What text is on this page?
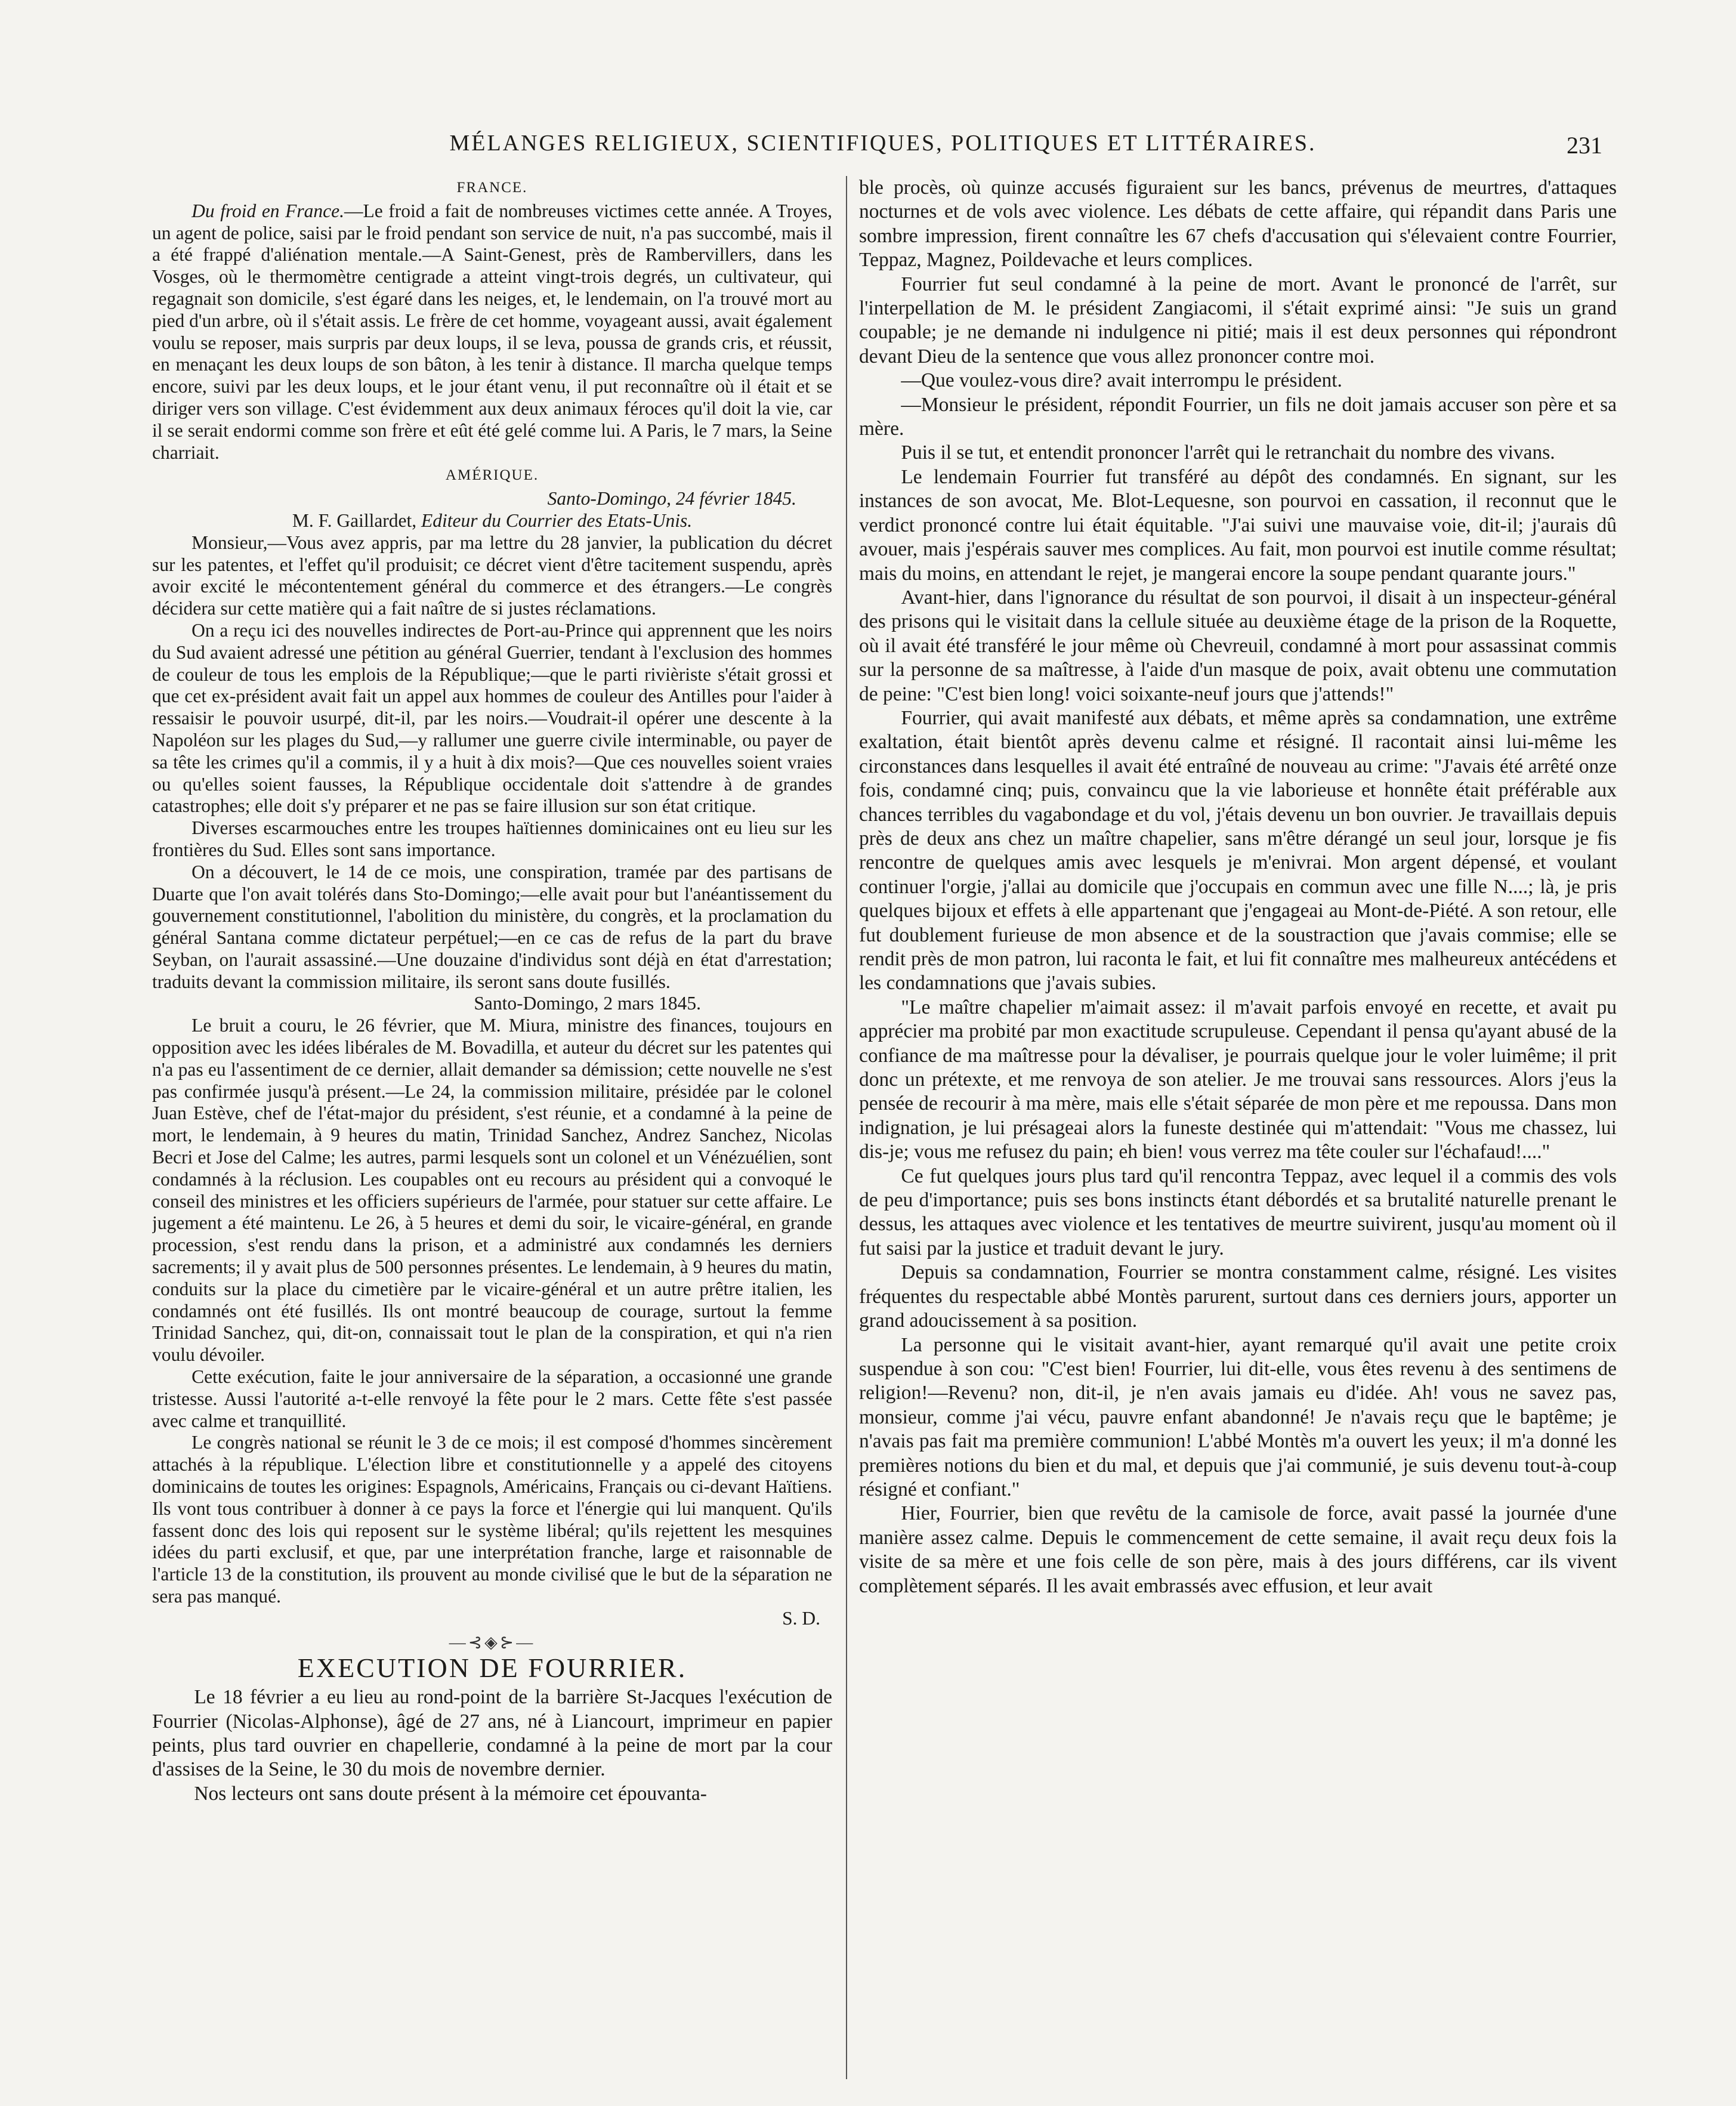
MÉLANGES RELIGIEUX, SCIENTIFIQUES, POLITIQUES ET LITTÉRAIRES.	231
FRANCE.

Du froid en France.—Le froid a fait de nombreuses victimes cette année. A Troyes, un agent de police, saisi par le froid pendant son service de nuit, n'a pas succombé, mais il a été frappé d'aliénation mentale.—A Saint-Genest, près de Rambervillers, dans les Vosges, où le thermomètre centigrade a atteint vingt-trois degrés, un cultivateur, qui regagnait son domicile, s'est égaré dans les neiges, et, le lendemain, on l'a trouvé mort au pied d'un arbre, où il s'était assis. Le frère de cet homme, voyageant aussi, avait également voulu se reposer, mais surpris par deux loups, il se leva, poussa de grands cris, et réussit, en menaçant les deux loups de son bâton, à les tenir à distance. Il marcha quelque temps encore, suivi par les deux loups, et le jour étant venu, il put reconnaître où il était et se diriger vers son village. C'est évidemment aux deux animaux féroces qu'il doit la vie, car il se serait endormi comme son frère et eût été gelé comme lui. A Paris, le 7 mars, la Seine charriait.

AMÉRIQUE.

Santo-Domingo, 24 février 1845.

M. F. Gaillardet, Editeur du Courrier des Etats-Unis.

Monsieur,—Vous avez appris, par ma lettre du 28 janvier, la publication du décret sur les patentes, et l'effet qu'il produisit; ce décret vient d'être tacitement suspendu, après avoir excité le mécontentement général du commerce et des étrangers.—Le congrès décidera sur cette matière qui a fait naître de si justes réclamations.

On a reçu ici des nouvelles indirectes de Port-au-Prince qui apprennent que les noirs du Sud avaient adressé une pétition au général Guerrier, tendant à l'exclusion des hommes de couleur de tous les emplois de la République;—que le parti rivièriste s'était grossi et que cet ex-président avait fait un appel aux hommes de couleur des Antilles pour l'aider à ressaisir le pouvoir usurpé, dit-il, par les noirs.—Voudrait-il opérer une descente à la Napoléon sur les plages du Sud,—y rallumer une guerre civile interminable, ou payer de sa tête les crimes qu'il a commis, il y a huit à dix mois?—Que ces nouvelles soient vraies ou qu'elles soient fausses, la République occidentale doit s'attendre à de grandes catastrophes; elle doit s'y préparer et ne pas se faire illusion sur son état critique.

Diverses escarmouches entre les troupes haïtiennes dominicaines ont eu lieu sur les frontières du Sud. Elles sont sans importance.

On a découvert, le 14 de ce mois, une conspiration, tramée par des partisans de Duarte que l'on avait tolérés dans Sto-Domingo;—elle avait pour but l'anéantissement du gouvernement constitutionnel, l'abolition du ministère, du congrès, et la proclamation du général Santana comme dictateur perpétuel;—en ce cas de refus de la part du brave Seyban, on l'aurait assassiné.—Une douzaine d'individus sont déjà en état d'arrestation; traduits devant la commission militaire, ils seront sans doute fusillés.

Santo-Domingo, 2 mars 1845.

Le bruit a couru, le 26 février, que M. Miura, ministre des finances, toujours en opposition avec les idées libérales de M. Bovadilla, et auteur du décret sur les patentes qui n'a pas eu l'assentiment de ce dernier, allait demander sa démission; cette nouvelle ne s'est pas confirmée jusqu'à présent.—Le 24, la commission militaire, présidée par le colonel Juan Estève, chef de l'état-major du président, s'est réunie, et a condamné à la peine de mort, le lendemain, à 9 heures du matin, Trinidad Sanchez, Andrez Sanchez, Nicolas Becri et Jose del Calme; les autres, parmi lesquels sont un colonel et un Vénézuélien, sont condamnés à la réclusion. Les coupables ont eu recours au président qui a convoqué le conseil des ministres et les officiers supérieurs de l'armée, pour statuer sur cette affaire. Le jugement a été maintenu. Le 26, à 5 heures et demi du soir, le vicaire-général, en grande procession, s'est rendu dans la prison, et a administré aux condamnés les derniers sacrements; il y avait plus de 500 personnes présentes. Le lendemain, à 9 heures du matin, conduits sur la place du cimetière par le vicaire-général et un autre prêtre italien, les condamnés ont été fusillés. Ils ont montré beaucoup de courage, surtout la femme Trinidad Sanchez, qui, dit-on, connaissait tout le plan de la conspiration, et qui n'a rien voulu dévoiler.

Cette exécution, faite le jour anniversaire de la séparation, a occasionné une grande tristesse. Aussi l'autorité a-t-elle renvoyé la fête pour le 2 mars. Cette fête s'est passée avec calme et tranquillité.

Le congrès national se réunit le 3 de ce mois; il est composé d'hommes sincèrement attachés à la république. L'élection libre et constitutionnelle y a appelé des citoyens dominicains de toutes les origines: Espagnols, Américains, Français ou ci-devant Haïtiens. Ils vont tous contribuer à donner à ce pays la force et l'énergie qui lui manquent. Qu'ils fassent donc des lois qui reposent sur le système libéral; qu'ils rejettent les mesquines idées du parti exclusif, et que, par une interprétation franche, large et raisonnable de l'article 13 de la constitution, ils prouvent au monde civilisé que le but de la séparation ne sera pas manqué.

S. D.

—⊰◈⊱—
EXECUTION DE FOURRIER.

Le 18 février a eu lieu au rond-point de la barrière St-Jacques l'exécution de Fourrier (Nicolas-Alphonse), âgé de 27 ans, né à Liancourt, imprimeur en papier peints, plus tard ouvrier en chapellerie, condamné à la peine de mort par la cour d'assises de la Seine, le 30 du mois de novembre dernier.

Nos lecteurs ont sans doute présent à la mémoire cet épouvanta-

ble procès, où quinze accusés figuraient sur les bancs, prévenus de meurtres, d'attaques nocturnes et de vols avec violence. Les débats de cette affaire, qui répandit dans Paris une sombre impression, firent connaître les 67 chefs d'accusation qui s'élevaient contre Fourrier, Teppaz, Magnez, Poildevache et leurs complices.

Fourrier fut seul condamné à la peine de mort. Avant le prononcé de l'arrêt, sur l'interpellation de M. le président Zangiacomi, il s'était exprimé ainsi: "Je suis un grand coupable; je ne demande ni indulgence ni pitié; mais il est deux personnes qui répondront devant Dieu de la sentence que vous allez prononcer contre moi.

—Que voulez-vous dire? avait interrompu le président.

—Monsieur le président, répondit Fourrier, un fils ne doit jamais accuser son père et sa mère.

Puis il se tut, et entendit prononcer l'arrêt qui le retranchait du nombre des vivans.

Le lendemain Fourrier fut transféré au dépôt des condamnés. En signant, sur les instances de son avocat, Me. Blot-Lequesne, son pourvoi en cassation, il reconnut que le verdict prononcé contre lui était équitable. "J'ai suivi une mauvaise voie, dit-il; j'aurais dû avouer, mais j'espérais sauver mes complices. Au fait, mon pourvoi est inutile comme résultat; mais du moins, en attendant le rejet, je mangerai encore la soupe pendant quarante jours."

Avant-hier, dans l'ignorance du résultat de son pourvoi, il disait à un inspecteur-général des prisons qui le visitait dans la cellule située au deuxième étage de la prison de la Roquette, où il avait été transféré le jour même où Chevreuil, condamné à mort pour assassinat commis sur la personne de sa maîtresse, à l'aide d'un masque de poix, avait obtenu une commutation de peine: "C'est bien long! voici soixante-neuf jours que j'attends!"

Fourrier, qui avait manifesté aux débats, et même après sa condamnation, une extrême exaltation, était bientôt après devenu calme et résigné. Il racontait ainsi lui-même les circonstances dans lesquelles il avait été entraîné de nouveau au crime: "J'avais été arrêté onze fois, condamné cinq; puis, convaincu que la vie laborieuse et honnête était préférable aux chances terribles du vagabondage et du vol, j'étais devenu un bon ouvrier. Je travaillais depuis près de deux ans chez un maître chapelier, sans m'être dérangé un seul jour, lorsque je fis rencontre de quelques amis avec lesquels je m'enivrai. Mon argent dépensé, et voulant continuer l'orgie, j'allai au domicile que j'occupais en commun avec une fille N....; là, je pris quelques bijoux et effets à elle appartenant que j'engageai au Mont-de-Piété. A son retour, elle fut doublement furieuse de mon absence et de la soustraction que j'avais commise; elle se rendit près de mon patron, lui raconta le fait, et lui fit connaître mes malheureux antécédens et les condamnations que j'avais subies.

"Le maître chapelier m'aimait assez: il m'avait parfois envoyé en recette, et avait pu apprécier ma probité par mon exactitude scrupuleuse. Cependant il pensa qu'ayant abusé de la confiance de ma maîtresse pour la dévaliser, je pourrais quelque jour le voler luimême; il prit donc un prétexte, et me renvoya de son atelier. Je me trouvai sans ressources. Alors j'eus la pensée de recourir à ma mère, mais elle s'était séparée de mon père et me repoussa. Dans mon indignation, je lui présageai alors la funeste destinée qui m'attendait: "Vous me chassez, lui dis-je; vous me refusez du pain; eh bien! vous verrez ma tête couler sur l'échafaud!...."

Ce fut quelques jours plus tard qu'il rencontra Teppaz, avec lequel il a commis des vols de peu d'importance; puis ses bons instincts étant débordés et sa brutalité naturelle prenant le dessus, les attaques avec violence et les tentatives de meurtre suivirent, jusqu'au moment où il fut saisi par la justice et traduit devant le jury.

Depuis sa condamnation, Fourrier se montra constamment calme, résigné. Les visites fréquentes du respectable abbé Montès parurent, surtout dans ces derniers jours, apporter un grand adoucissement à sa position.

La personne qui le visitait avant-hier, ayant remarqué qu'il avait une petite croix suspendue à son cou: "C'est bien! Fourrier, lui dit-elle, vous êtes revenu à des sentimens de religion!—Revenu? non, dit-il, je n'en avais jamais eu d'idée. Ah! vous ne savez pas, monsieur, comme j'ai vécu, pauvre enfant abandonné! Je n'avais reçu que le baptême; je n'avais pas fait ma première communion! L'abbé Montès m'a ouvert les yeux; il m'a donné les premières notions du bien et du mal, et depuis que j'ai communié, je suis devenu tout-à-coup résigné et confiant."

Hier, Fourrier, bien que revêtu de la camisole de force, avait passé la journée d'une manière assez calme. Depuis le commencement de cette semaine, il avait reçu deux fois la visite de sa mère et une fois celle de son père, mais à des jours différens, car ils vivent complètement séparés. Il les avait embrassés avec effusion, et leur avait
